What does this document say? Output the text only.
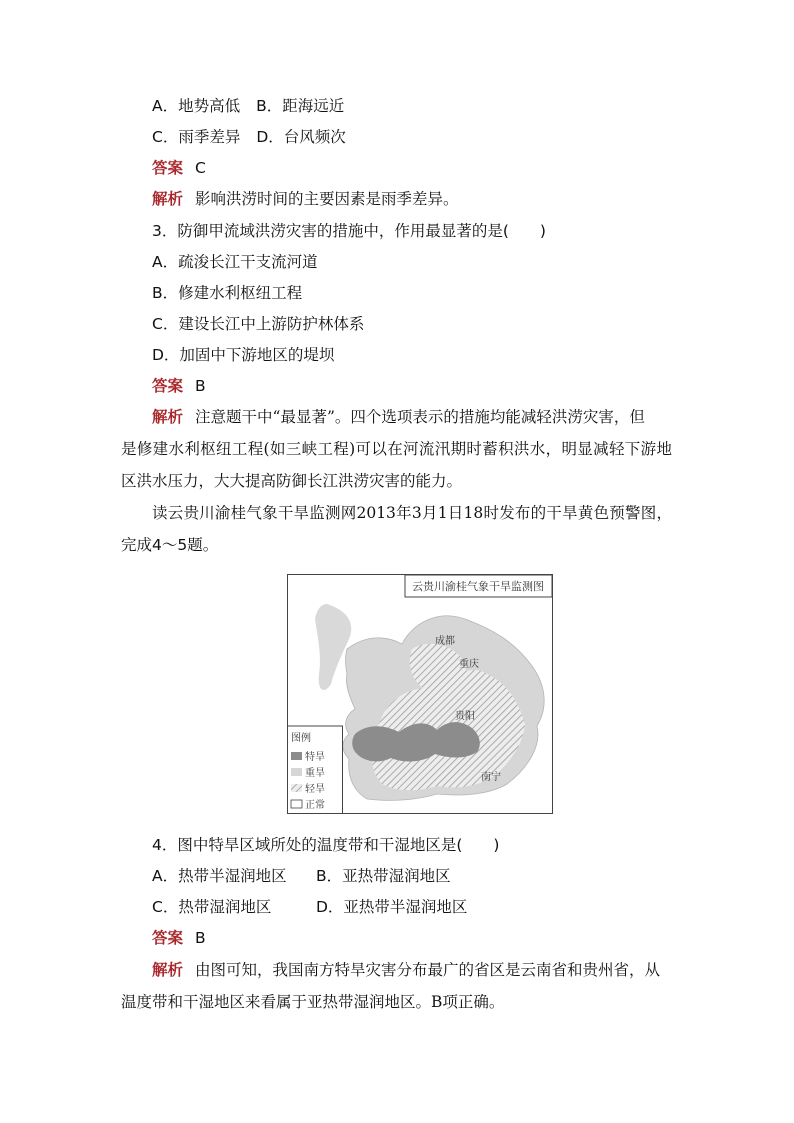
A．地势高低 B．距海远近
C．雨季差异 D．台风频次
答案 C
解析 影响洪涝时间的主要因素是雨季差异。
3．防御甲流域洪涝灾害的措施中，作用最显著的是(　　)
A．疏浚长江干支流河道
B．修建水利枢纽工程
C．建设长江中上游防护林体系
D．加固中下游地区的堤坝
答案 B
解析 注意题干中“最显著”。四个选项表示的措施均能减轻洪涝灾害，但
是修建水利枢纽工程(如三峡工程)可以在河流汛期时蓄积洪水，明显减轻下游地
区洪水压力，大大提高防御长江洪涝灾害的能力。
读云贵川渝桂气象干旱监测网2013年3月1日18时发布的干旱黄色预警图，
完成4～5题。
云贵川渝桂气象干旱监测图
成都
重庆
贵阳
南宁
图例
特旱
重旱
轻旱
正常
4．图中特旱区域所处的温度带和干湿地区是(　　)
A．热带半湿润地区 B．亚热带湿润地区
C．热带湿润地区	D．亚热带半湿润地区
答案 B
解析 由图可知，我国南方特旱灾害分布最广的省区是云南省和贵州省，从
温度带和干湿地区来看属于亚热带湿润地区。B项正确。
